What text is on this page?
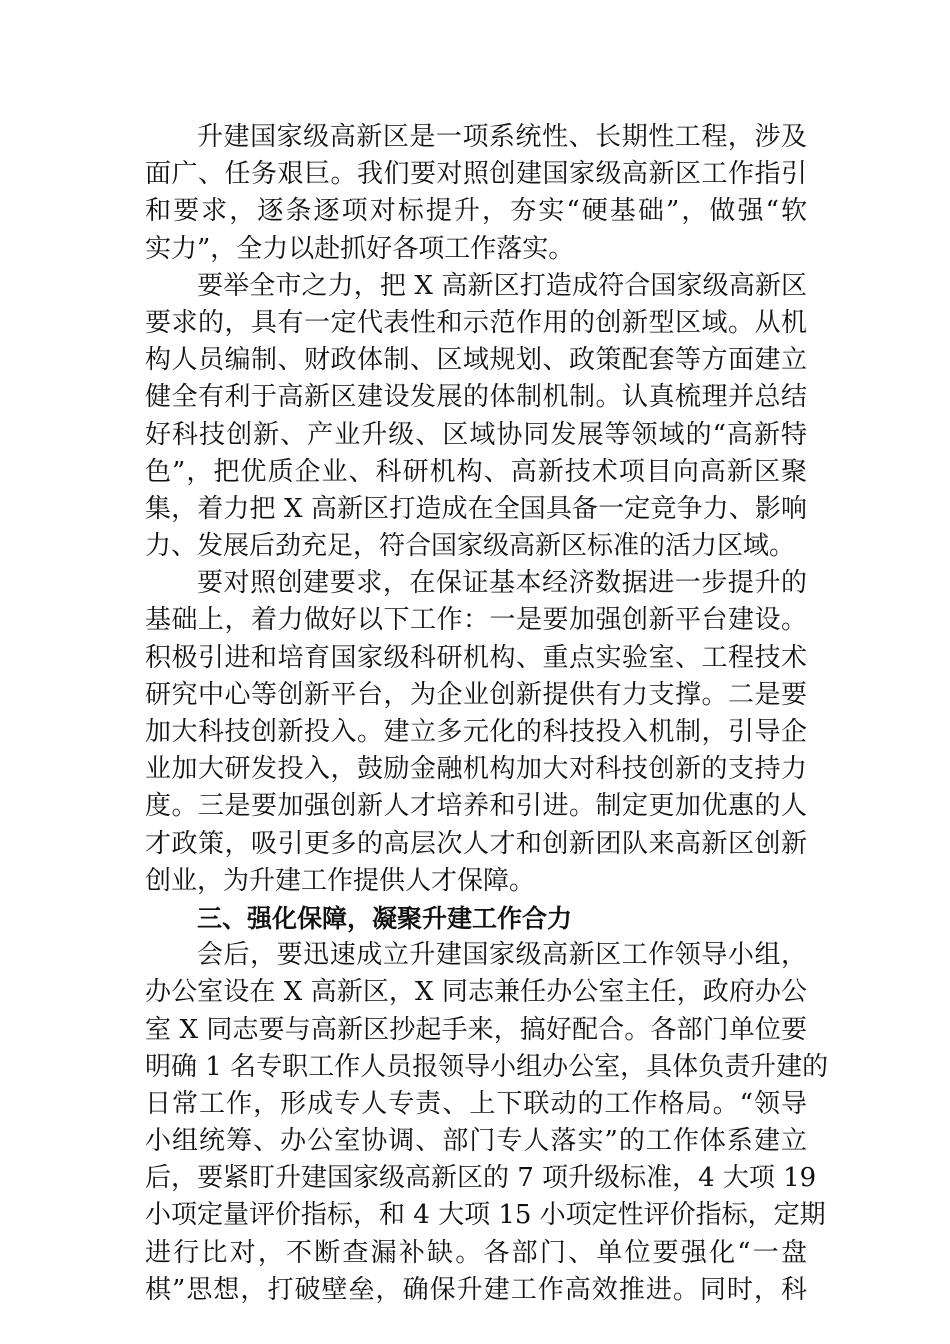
升建国家级高新区是一项系统性、长期性工程，涉及
面广、任务艰巨。我们要对照创建国家级高新区工作指引
和要求，逐条逐项对标提升，夯实“硬基础”，做强“软
实力”，全力以赴抓好各项工作落实。
要举全市之力，把 X 高新区打造成符合国家级高新区
要求的，具有一定代表性和示范作用的创新型区域。从机
构人员编制、财政体制、区域规划、政策配套等方面建立
健全有利于高新区建设发展的体制机制。认真梳理并总结
好科技创新、产业升级、区域协同发展等领域的“高新特
色”，把优质企业、科研机构、高新技术项目向高新区聚
集，着力把 X 高新区打造成在全国具备一定竞争力、影响
力、发展后劲充足，符合国家级高新区标准的活力区域。
要对照创建要求，在保证基本经济数据进一步提升的
基础上，着力做好以下工作：一是要加强创新平台建设。
积极引进和培育国家级科研机构、重点实验室、工程技术
研究中心等创新平台，为企业创新提供有力支撑。二是要
加大科技创新投入。建立多元化的科技投入机制，引导企
业加大研发投入，鼓励金融机构加大对科技创新的支持力
度。三是要加强创新人才培养和引进。制定更加优惠的人
才政策，吸引更多的高层次人才和创新团队来高新区创新
创业，为升建工作提供人才保障。
三、强化保障，凝聚升建工作合力
会后，要迅速成立升建国家级高新区工作领导小组，
办公室设在 X 高新区，X 同志兼任办公室主任，政府办公
室 X 同志要与高新区抄起手来，搞好配合。各部门单位要
明确 1 名专职工作人员报领导小组办公室，具体负责升建的
日常工作，形成专人专责、上下联动的工作格局。“领导
小组统筹、办公室协调、部门专人落实”的工作体系建立
后，要紧盯升建国家级高新区的 7 项升级标准，4 大项 19
小项定量评价指标，和 4 大项 15 小项定性评价指标，定期
进行比对，不断查漏补缺。各部门、单位要强化“一盘
棋”思想，打破壁垒，确保升建工作高效推进。同时，科
